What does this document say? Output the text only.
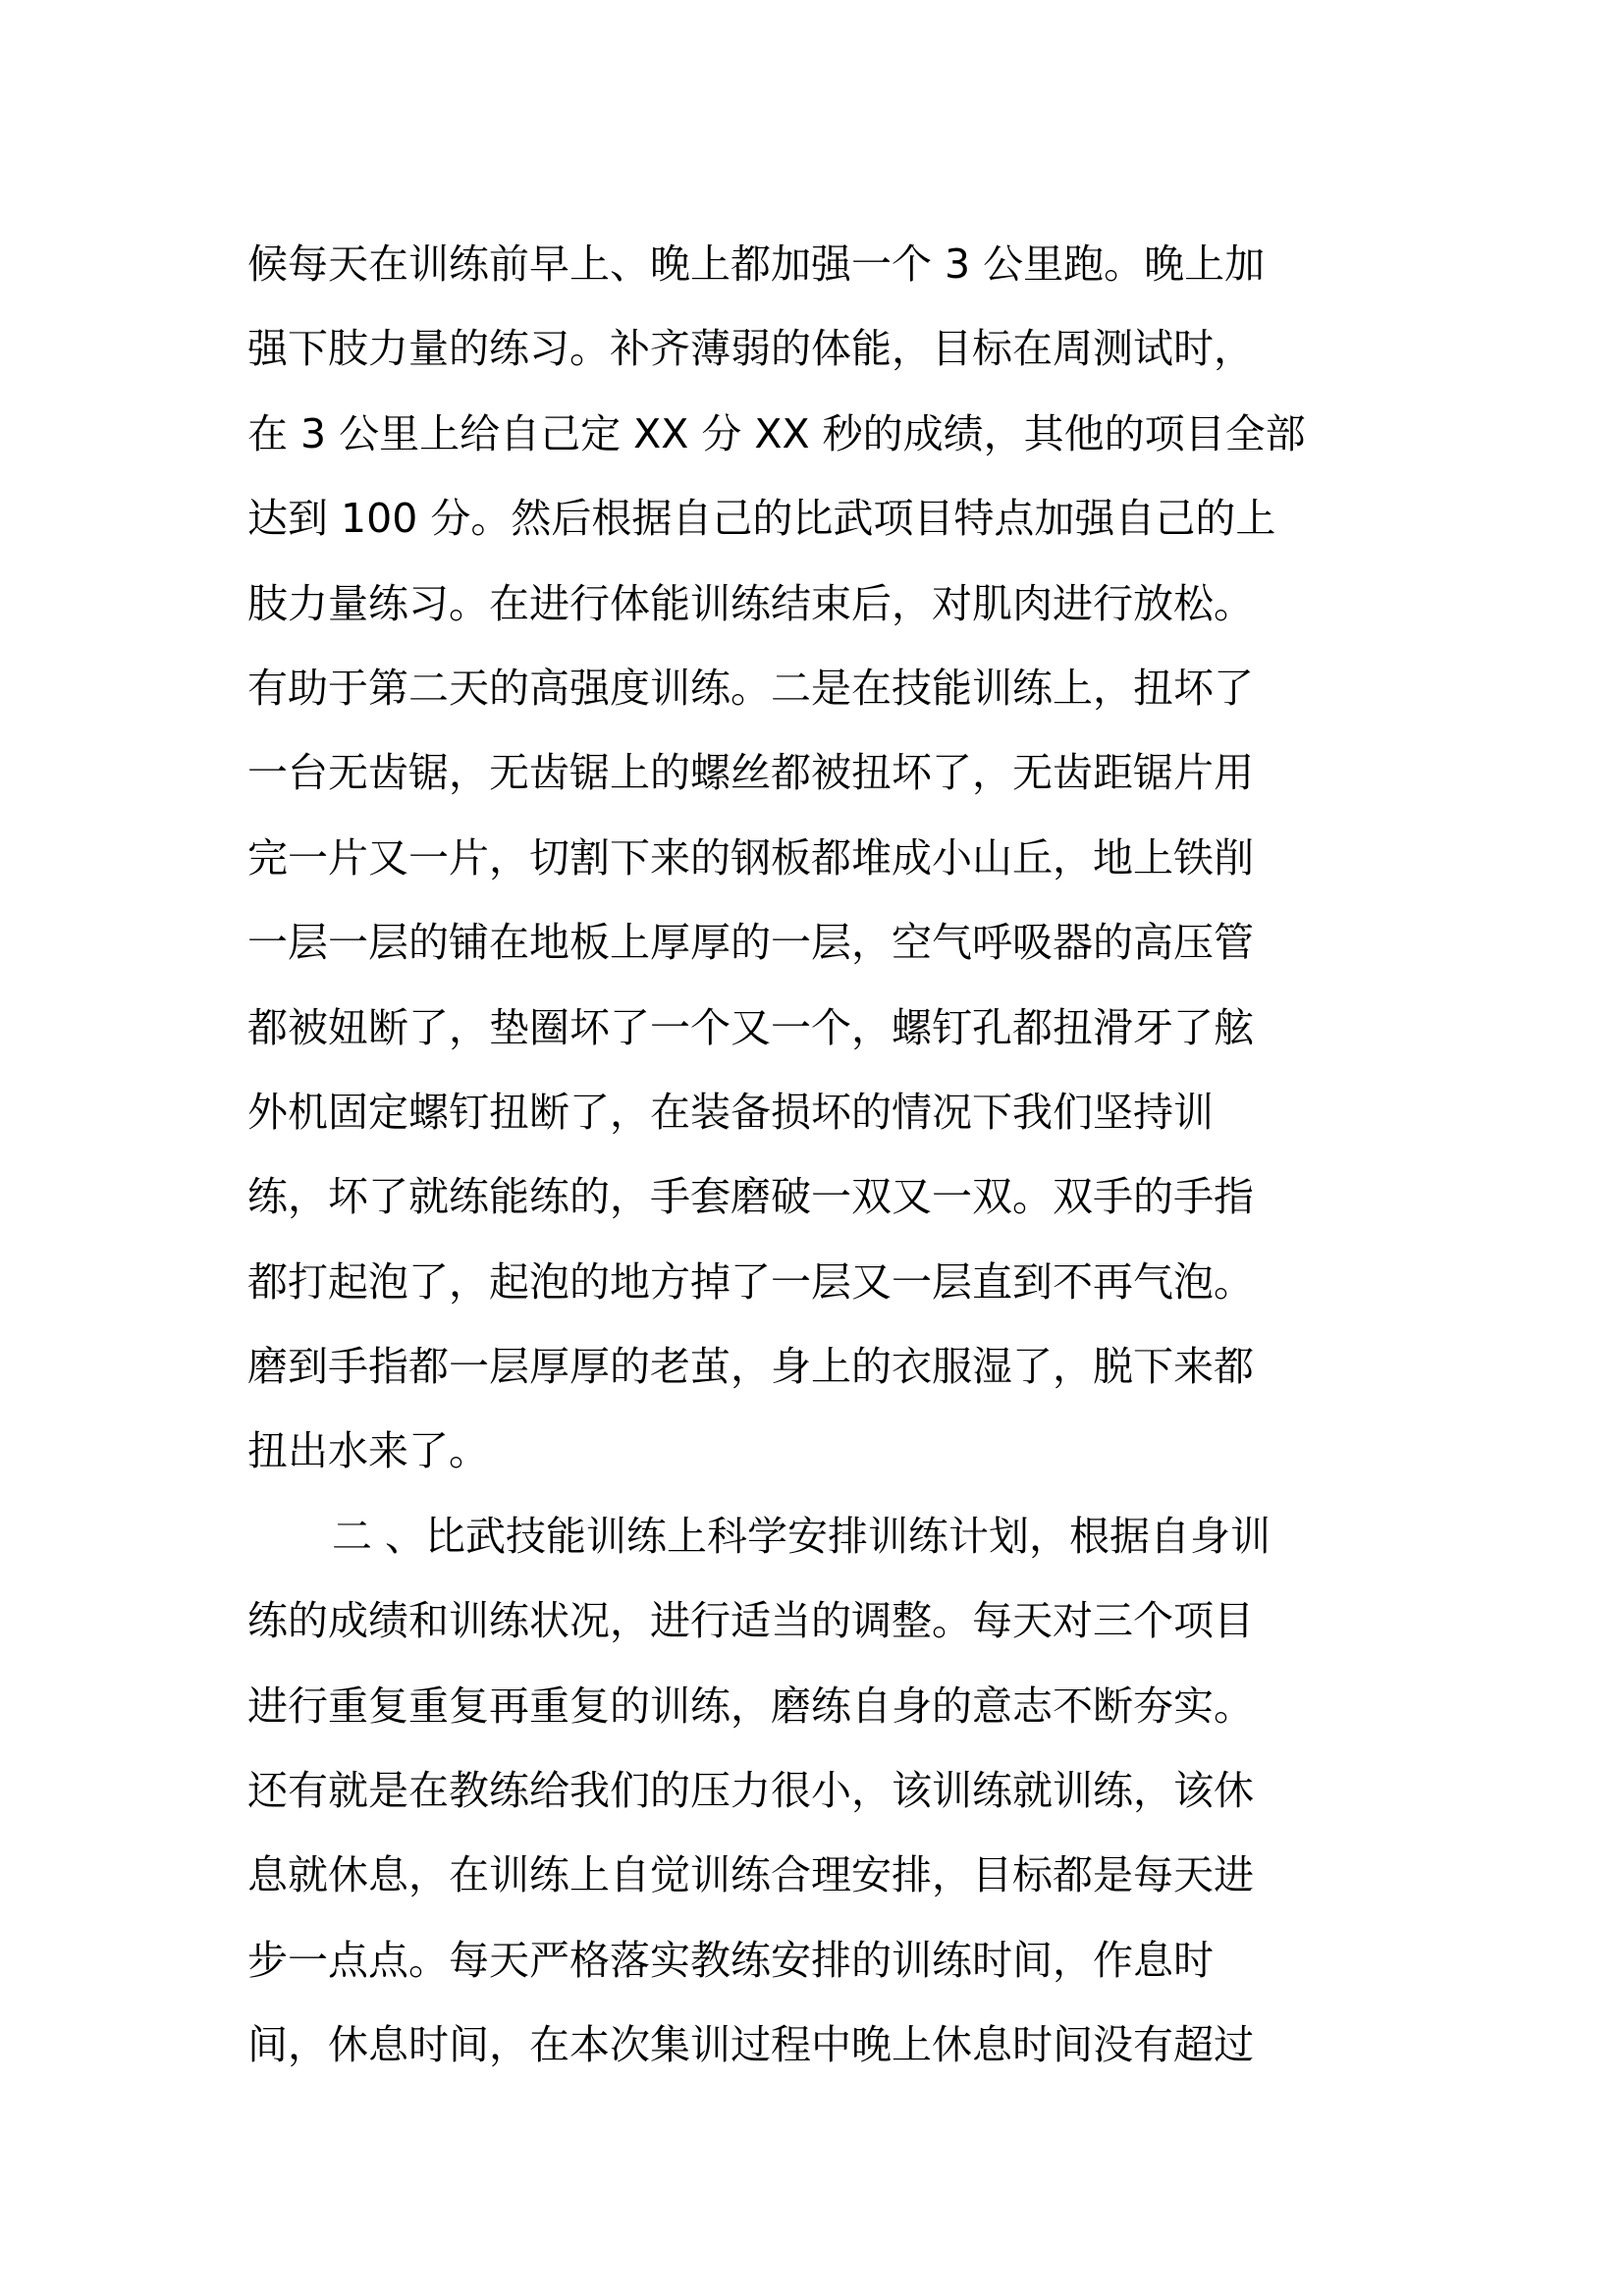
候每天在训练前早上、晚上都加强一个 3 公里跑。晚上加
强下肢力量的练习。补齐薄弱的体能，目标在周测试时，
在 3 公里上给自己定 XX 分 XX 秒的成绩，其他的项目全部
达到 100 分。然后根据自己的比武项目特点加强自己的上
肢力量练习。在进行体能训练结束后，对肌肉进行放松。
有助于第二天的高强度训练。二是在技能训练上，扭坏了
一台无齿锯，无齿锯上的螺丝都被扭坏了，无齿距锯片用
完一片又一片，切割下来的钢板都堆成小山丘，地上铁削
一层一层的铺在地板上厚厚的一层，空气呼吸器的高压管
都被妞断了，垫圈坏了一个又一个，螺钉孔都扭滑牙了舷
外机固定螺钉扭断了，在装备损坏的情况下我们坚持训
练，坏了就练能练的，手套磨破一双又一双。双手的手指
都打起泡了，起泡的地方掉了一层又一层直到不再气泡。
磨到手指都一层厚厚的老茧，身上的衣服湿了，脱下来都
扭出水来了。
二 、比武技能训练上科学安排训练计划，根据自身训
练的成绩和训练状况，进行适当的调整。每天对三个项目
进行重复重复再重复的训练，磨练自身的意志不断夯实。
还有就是在教练给我们的压力很小，该训练就训练，该休
息就休息，在训练上自觉训练合理安排，目标都是每天进
步一点点。每天严格落实教练安排的训练时间，作息时
间，休息时间，在本次集训过程中晚上休息时间没有超过
